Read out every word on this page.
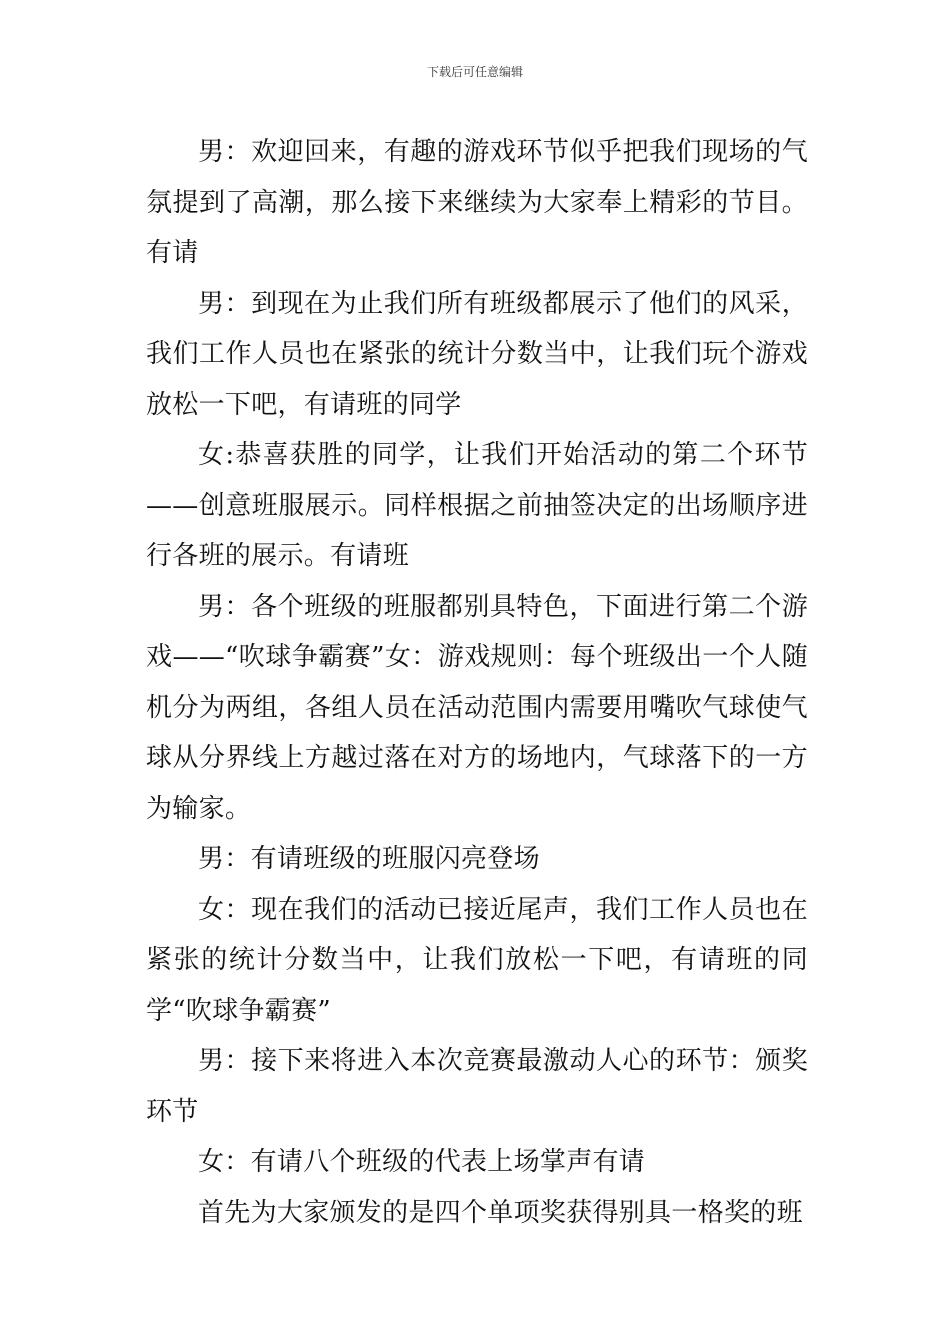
下载后可任意编辑

男：欢迎回来，有趣的游戏环节似乎把我们现场的气氛提到了高潮，那么接下来继续为大家奉上精彩的节目。有请

男：到现在为止我们所有班级都展示了他们的风采，我们工作人员也在紧张的统计分数当中，让我们玩个游戏放松一下吧，有请班的同学

女:恭喜获胜的同学，让我们开始活动的第二个环节——创意班服展示。同样根据之前抽签决定的出场顺序进行各班的展示。有请班

男：各个班级的班服都别具特色，下面进行第二个游戏——“吹球争霸赛”女：游戏规则：每个班级出一个人随机分为两组，各组人员在活动范围内需要用嘴吹气球使气球从分界线上方越过落在对方的场地内，气球落下的一方为输家。

男：有请班级的班服闪亮登场

女：现在我们的活动已接近尾声，我们工作人员也在紧张的统计分数当中，让我们放松一下吧，有请班的同学“吹球争霸赛”

男：接下来将进入本次竞赛最激动人心的环节：颁奖环节

女：有请八个班级的代表上场掌声有请

首先为大家颁发的是四个单项奖获得别具一格奖的班
